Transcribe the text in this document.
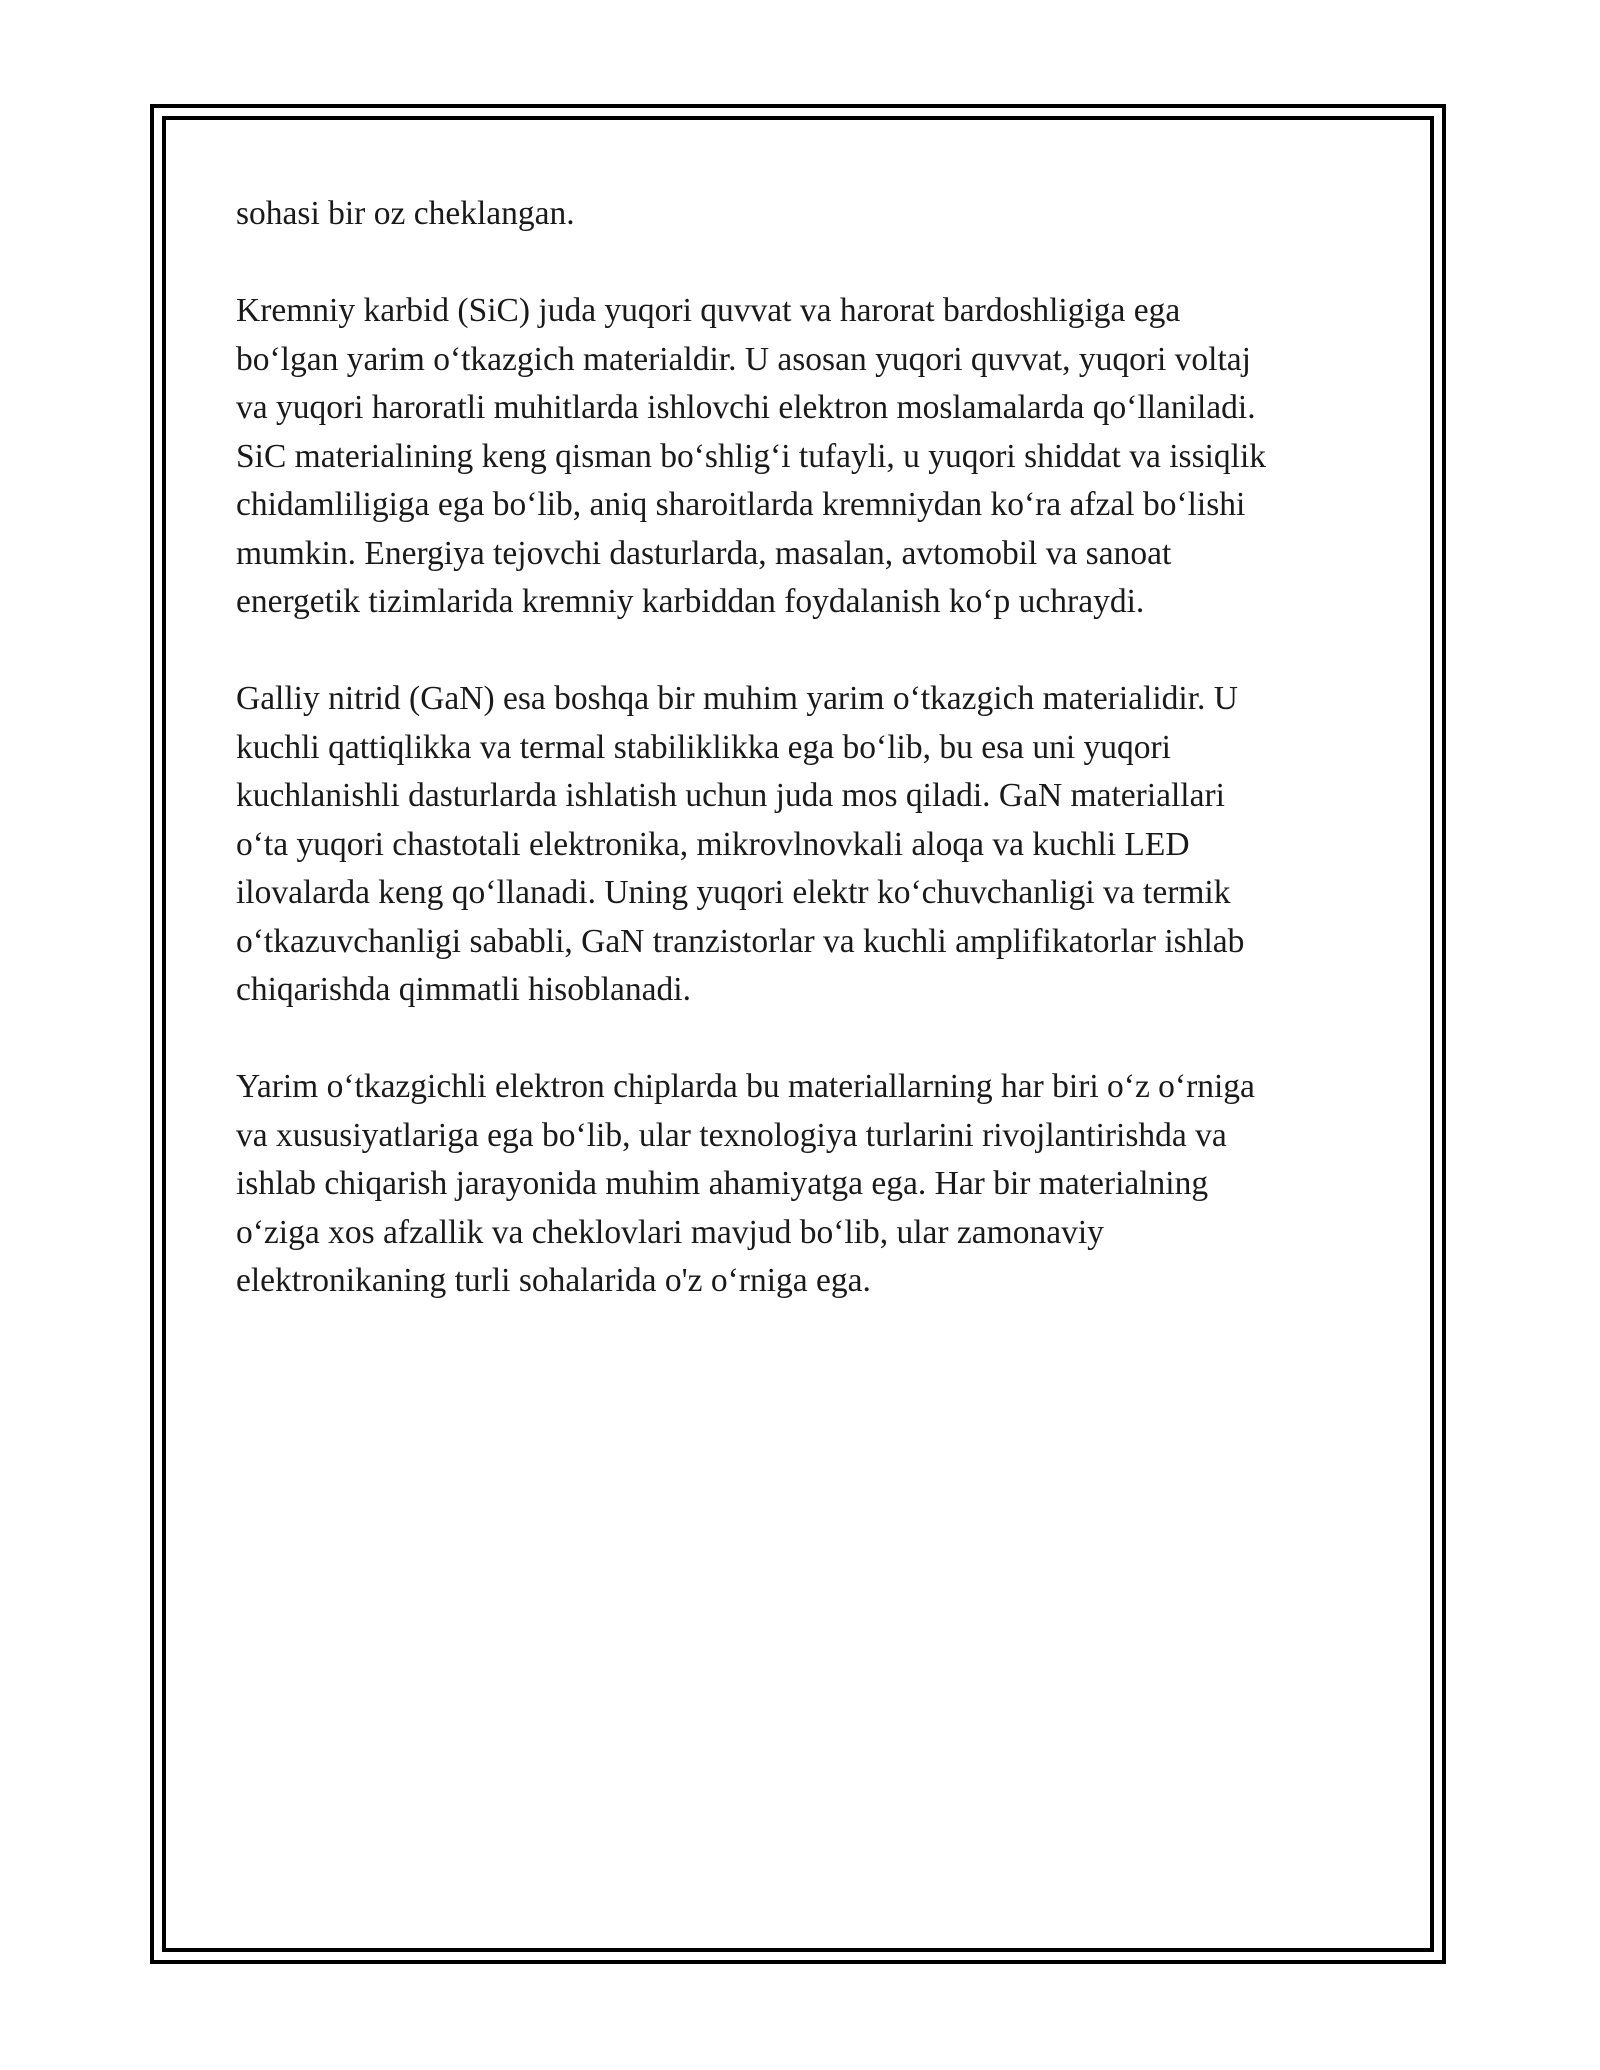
sohasi bir oz cheklangan.

Kremniy karbid (SiC) juda yuqori quvvat va harorat bardoshligiga ega
boʻlgan yarim oʻtkazgich materialdir. U asosan yuqori quvvat, yuqori voltaj
va yuqori haroratli muhitlarda ishlovchi elektron moslamalarda qoʻllaniladi.
SiC materialining keng qisman boʻshligʻi tufayli, u yuqori shiddat va issiqlik
chidamliligiga ega boʻlib, aniq sharoitlarda kremniydan koʻra afzal boʻlishi
mumkin. Energiya tejovchi dasturlarda, masalan, avtomobil va sanoat
energetik tizimlarida kremniy karbiddan foydalanish koʻp uchraydi.

Galliy nitrid (GaN) esa boshqa bir muhim yarim oʻtkazgich materialidir. U
kuchli qattiqlikka va termal stabiliklikka ega boʻlib, bu esa uni yuqori
kuchlanishli dasturlarda ishlatish uchun juda mos qiladi. GaN materiallari
oʻta yuqori chastotali elektronika, mikrovlnovkali aloqa va kuchli LED
ilovalarda keng qoʻllanadi. Uning yuqori elektr koʻchuvchanligi va termik
oʻtkazuvchanligi sababli, GaN tranzistorlar va kuchli amplifikatorlar ishlab
chiqarishda qimmatli hisoblanadi.

Yarim oʻtkazgichli elektron chiplarda bu materiallarning har biri oʻz oʻrniga
va xususiyatlariga ega boʻlib, ular texnologiya turlarini rivojlantirishda va
ishlab chiqarish jarayonida muhim ahamiyatga ega. Har bir materialning
oʻziga xos afzallik va cheklovlari mavjud boʻlib, ular zamonaviy
elektronikaning turli sohalarida o'z oʻrniga ega.
